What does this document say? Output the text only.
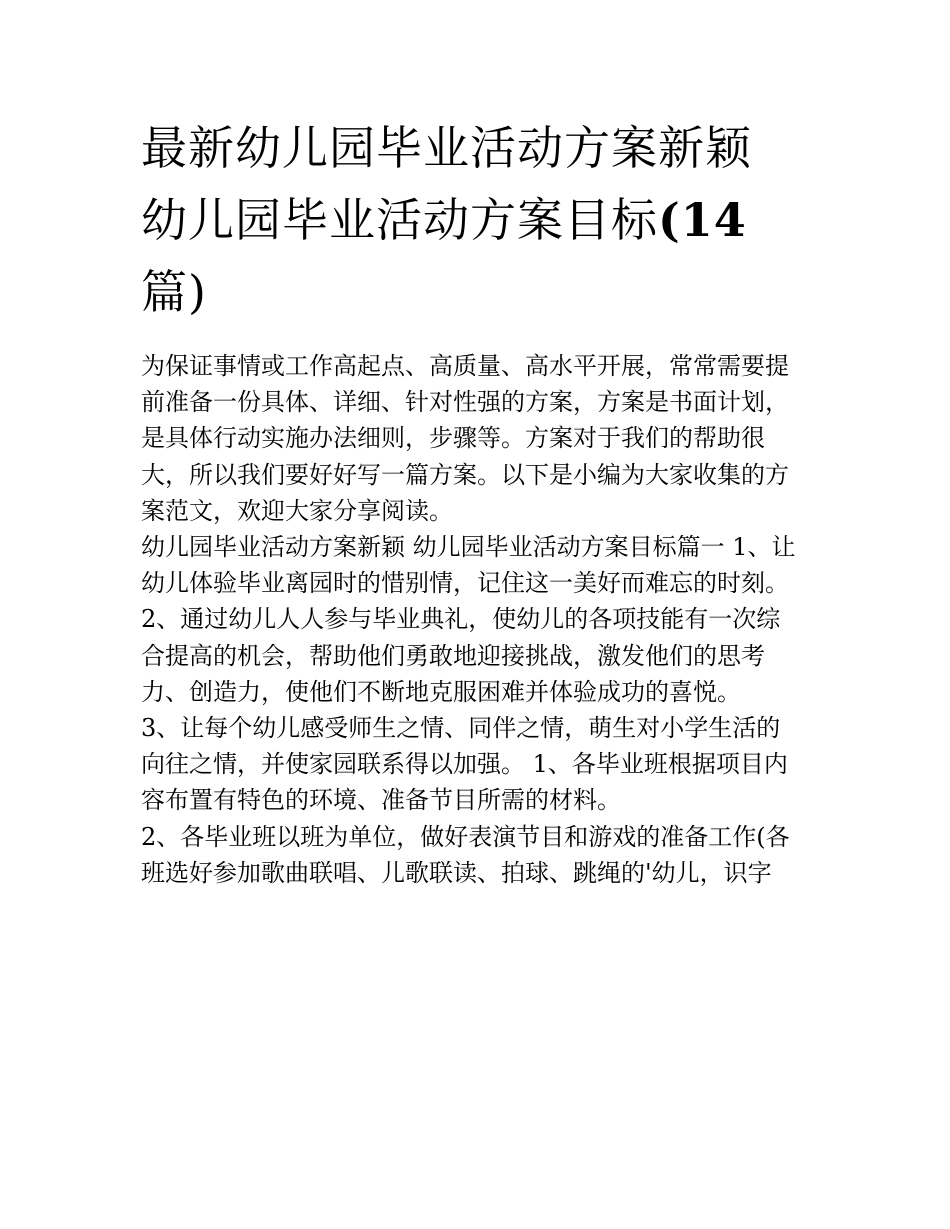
最新幼儿园毕业活动方案新颖
幼儿园毕业活动方案目标(14
篇)

为保证事情或工作高起点、高质量、高水平开展，常常需要提
前准备一份具体、详细、针对性强的方案，方案是书面计划，
是具体行动实施办法细则，步骤等。方案对于我们的帮助很
大，所以我们要好好写一篇方案。以下是小编为大家收集的方
案范文，欢迎大家分享阅读。

幼儿园毕业活动方案新颖 幼儿园毕业活动方案目标篇一 1、让
幼儿体验毕业离园时的惜别情，记住这一美好而难忘的时刻。

2、通过幼儿人人参与毕业典礼，使幼儿的各项技能有一次综
合提高的机会，帮助他们勇敢地迎接挑战，激发他们的思考
力、创造力，使他们不断地克服困难并体验成功的喜悦。

3、让每个幼儿感受师生之情、同伴之情，萌生对小学生活的
向往之情，并使家园联系得以加强。 1、各毕业班根据项目内
容布置有特色的环境、准备节目所需的材料。

2、各毕业班以班为单位，做好表演节目和游戏的准备工作(各
班选好参加歌曲联唱、儿歌联读、拍球、跳绳的'幼儿，识字
